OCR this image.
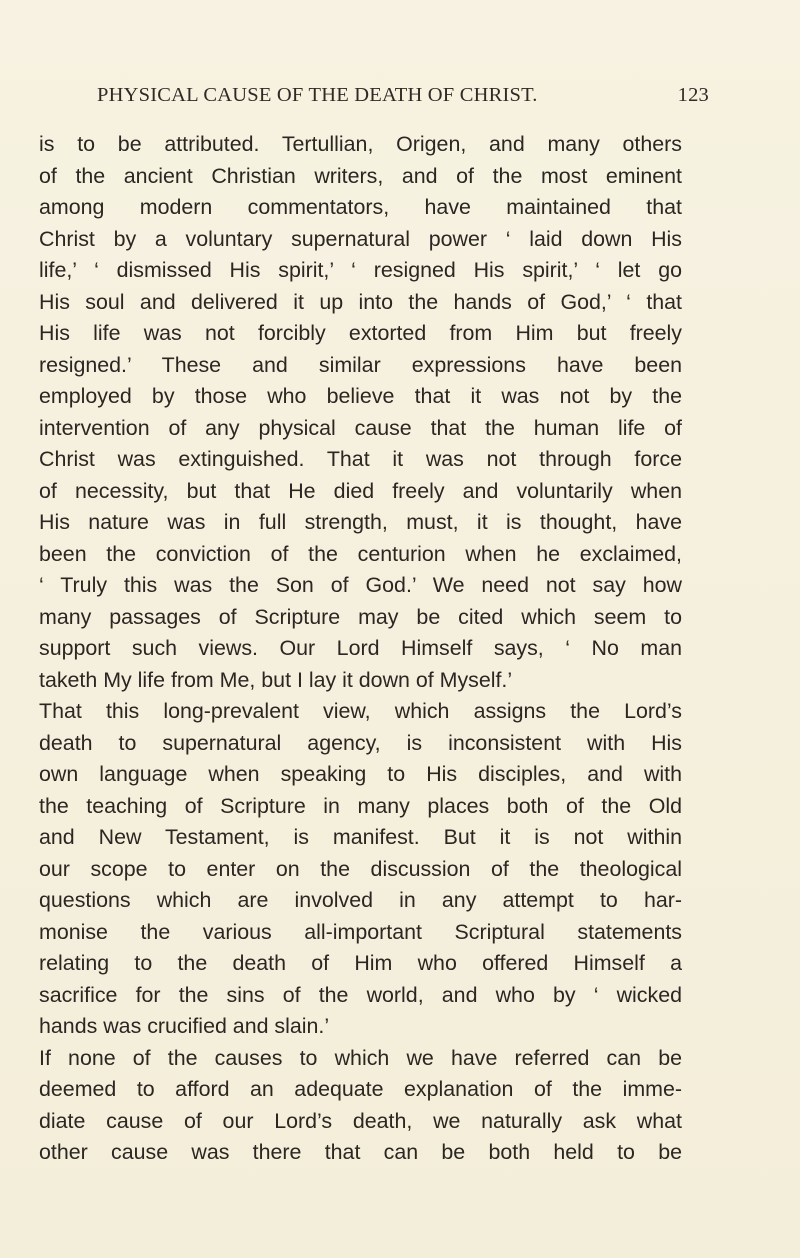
PHYSICAL CAUSE OF THE DEATH OF CHRIST.	123
is to be attributed. Tertullian, Origen, and many others
of the ancient Christian writers, and of the most eminent
among modern commentators, have maintained that
Christ by a voluntary supernatural power ‘ laid down His
life,’ ‘ dismissed His spirit,’ ‘ resigned His spirit,’ ‘ let go
His soul and delivered it up into the hands of God,’ ‘ that
His life was not forcibly extorted from Him but freely
resigned.’ These and similar expressions have been
employed by those who believe that it was not by the
intervention of any physical cause that the human life of
Christ was extinguished. That it was not through force
of necessity, but that He died freely and voluntarily when
His nature was in full strength, must, it is thought, have
been the conviction of the centurion when he exclaimed,
‘ Truly this was the Son of God.’ We need not say how
many passages of Scripture may be cited which seem to
support such views. Our Lord Himself says, ‘ No man
taketh My life from Me, but I lay it down of Myself.’
That this long-prevalent view, which assigns the Lord’s
death to supernatural agency, is inconsistent with His
own language when speaking to His disciples, and with
the teaching of Scripture in many places both of the Old
and New Testament, is manifest. But it is not within
our scope to enter on the discussion of the theological
questions which are involved in any attempt to har-
monise the various all-important Scriptural statements
relating to the death of Him who offered Himself a
sacrifice for the sins of the world, and who by ‘ wicked
hands was crucified and slain.’
If none of the causes to which we have referred can be
deemed to afford an adequate explanation of the imme-
diate cause of our Lord’s death, we naturally ask what
other cause was there that can be both held to be
